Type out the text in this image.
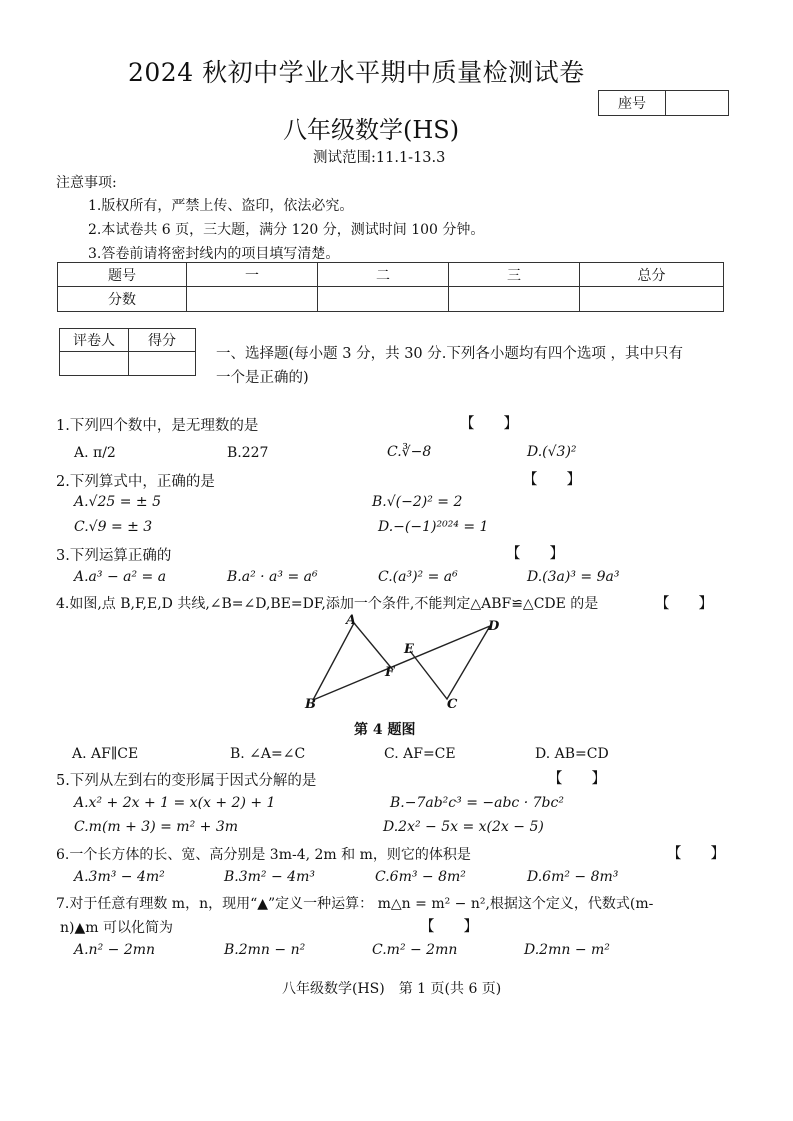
2024 秋初中学业水平期中质量检测试卷
座号	
八年级数学(HS)
测试范围:11.1-13.3
注意事项:
1.版权所有，严禁上传、盗印，依法必究。
2.本试卷共 6 页，三大题，满分 120 分，测试时间 100 分钟。
3.答卷前请将密封线内的项目填写清楚。
题号	一	二	三	总分
分数				
评卷人	得分

一、选择题(每小题 3 分，共 30 分.下列各小题均有四个选项 ，其中只有
一个是正确的)
1.下列四个数中，是无理数的是	【　　】
A. π/2	B.227	C.∛−8	D.(√3)²
2.下列算式中，正确的是	【　　】
A.√25 = ± 5	B.√(−2)² = 2
C.√9 = ± 3	D.−(−1)²⁰²⁴ = 1
3.下列运算正确的	【　　】
A.a³ − a² = a	B.a² · a³ = a⁶	C.(a³)² = a⁶	D.(3a)³ = 9a³
4.如图,点 B,F,E,D 共线,∠B=∠D,BE=DF,添加一个条件,不能判定△ABF≌△CDE 的是	【　　】
A
B
F
E
D
C
第 4 题图
A. AF∥CE	B. ∠A=∠C	C. AF=CE	D. AB=CD
5.下列从左到右的变形属于因式分解的是	【　　】
A.x² + 2x + 1 = x(x + 2) + 1	B.−7ab²c³ = −abc · 7bc²
C.m(m + 3) = m² + 3m	D.2x² − 5x = x(2x − 5)
6.一个长方体的长、宽、高分别是 3m-4, 2m 和 m，则它的体积是	【　　】
A.3m³ − 4m²	B.3m² − 4m³	C.6m³ − 8m²	D.6m² − 8m³
7.对于任意有理数 m，n，现用“▲”定义一种运算： m△n = m² − n²,根据这个定义，代数式(m-
n)▲m 可以化简为	【　　】
A.n² − 2mn	B.2mn − n²	C.m² − 2mn	D.2mn − m²
八年级数学(HS)　第 1 页(共 6 页)
